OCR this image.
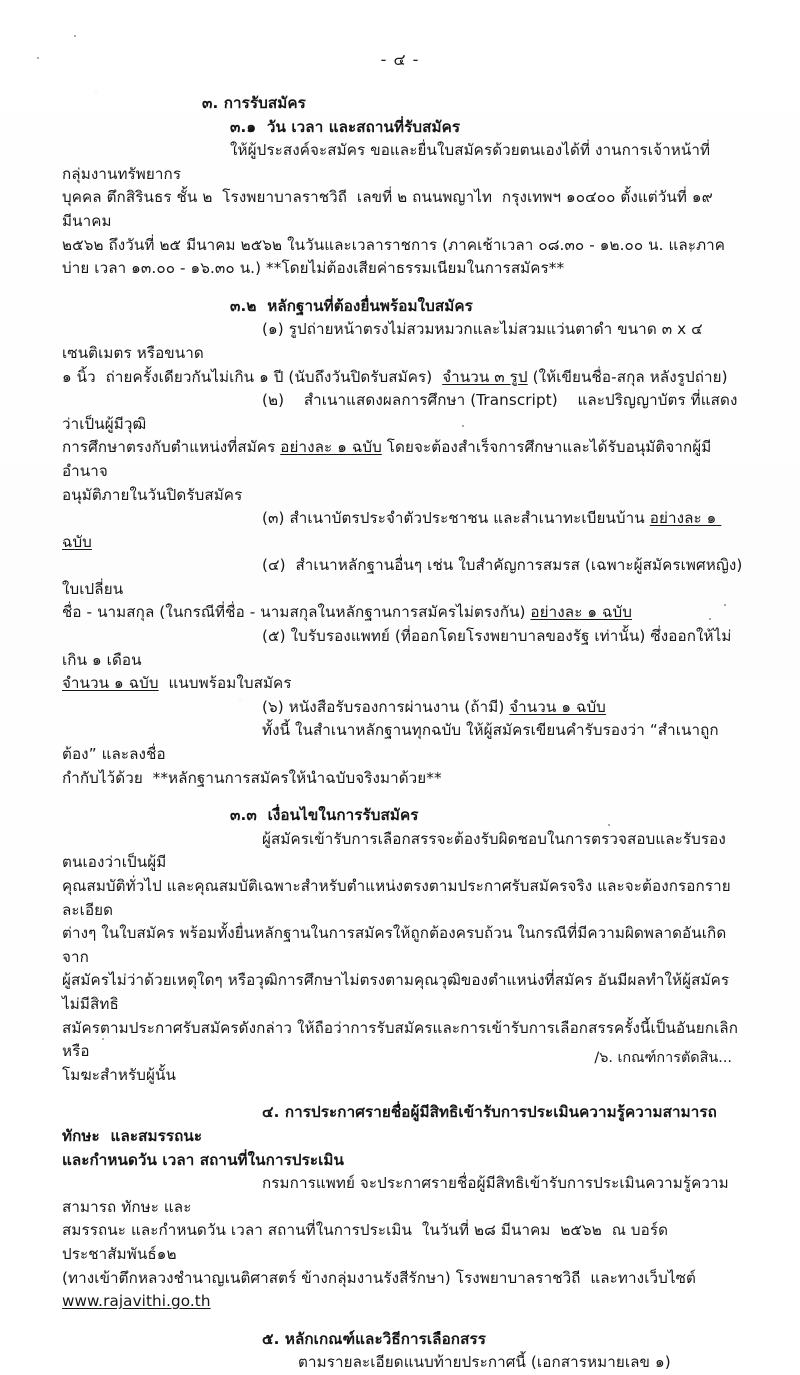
- ๔ -

๓. การรับสมัคร

๓.๑  วัน เวลา และสถานที่รับสมัคร

ให้ผู้ประสงค์จะสมัคร ขอและยื่นใบสมัครด้วยตนเองได้ที่ งานการเจ้าหน้าที่  กลุ่มงานทรัพยากร

บุคคล ตึกสิรินธร ชั้น ๒  โรงพยาบาลราชวิถี  เลขที่ ๒ ถนนพญาไท  กรุงเทพฯ ๑๐๔๐๐ ตั้งแต่วันที่ ๑๙ มีนาคม

๒๕๖๒ ถึงวันที่ ๒๕ มีนาคม ๒๕๖๒ ในวันและเวลาราชการ (ภาคเช้าเวลา ๐๘.๓๐ - ๑๒.๐๐ น. และภาค

บ่าย เวลา ๑๓.๐๐ - ๑๖.๓๐ น.) **โดยไม่ต้องเสียค่าธรรมเนียมในการสมัคร**

๓.๒  หลักฐานที่ต้องยื่นพร้อมใบสมัคร

(๑) รูปถ่ายหน้าตรงไม่สวมหมวกและไม่สวมแว่นตาดำ ขนาด ๓ x ๔ เซนติเมตร หรือขนาด

๑ นิ้ว  ถ่ายครั้งเดียวกันไม่เกิน ๑ ปี (นับถึงวันปิดรับสมัคร)  จำนวน ๓ รูป (ให้เขียนชื่อ-สกุล หลังรูปถ่าย)

(๒)    สำเนาแสดงผลการศึกษา (Transcript)    และปริญญาบัตร ที่แสดงว่าเป็นผู้มีวุฒิ

การศึกษาตรงกับตำแหน่งที่สมัคร อย่างละ ๑ ฉบับ โดยจะต้องสำเร็จการศึกษาและได้รับอนุมัติจากผู้มีอำนาจ

อนุมัติภายในวันปิดรับสมัคร

(๓) สำเนาบัตรประจำตัวประชาชน และสำเนาทะเบียนบ้าน อย่างละ ๑ ฉบับ

(๔)  สำเนาหลักฐานอื่นๆ เช่น ใบสำคัญการสมรส (เฉพาะผู้สมัครเพศหญิง)  ใบเปลี่ยน

ชื่อ - นามสกุล (ในกรณีที่ชื่อ - นามสกุลในหลักฐานการสมัครไม่ตรงกัน) อย่างละ ๑ ฉบับ

(๕) ใบรับรองแพทย์ (ที่ออกโดยโรงพยาบาลของรัฐ เท่านั้น) ซึ่งออกให้ไม่เกิน ๑ เดือน

จำนวน ๑ ฉบับ  แนบพร้อมใบสมัคร

(๖) หนังสือรับรองการผ่านงาน (ถ้ามี) จำนวน ๑ ฉบับ

ทั้งนี้ ในสำเนาหลักฐานทุกฉบับ ให้ผู้สมัครเขียนคำรับรองว่า “สำเนาถูกต้อง” และลงชื่อ

กำกับไว้ด้วย  **หลักฐานการสมัครให้นำฉบับจริงมาด้วย**

๓.๓  เงื่อนไขในการรับสมัคร

ผู้สมัครเข้ารับการเลือกสรรจะต้องรับผิดชอบในการตรวจสอบและรับรองตนเองว่าเป็นผู้มี

คุณสมบัติทั่วไป และคุณสมบัติเฉพาะสำหรับตำแหน่งตรงตามประกาศรับสมัครจริง และจะต้องกรอกรายละเอียด

ต่างๆ ในใบสมัคร พร้อมทั้งยื่นหลักฐานในการสมัครให้ถูกต้องครบถ้วน ในกรณีที่มีความผิดพลาดอันเกิดจาก

ผู้สมัครไม่ว่าด้วยเหตุใดๆ หรือวุฒิการศึกษาไม่ตรงตามคุณวุฒิของตำแหน่งที่สมัคร อันมีผลทำให้ผู้สมัครไม่มีสิทธิ

สมัครตามประกาศรับสมัครดังกล่าว ให้ถือว่าการรับสมัครและการเข้ารับการเลือกสรรครั้งนี้เป็นอันยกเลิกหรือ

โมฆะสำหรับผู้นั้น

๔. การประกาศรายชื่อผู้มีสิทธิเข้ารับการประเมินความรู้ความสามารถ ทักษะ  และสมรรถนะ

และกำหนดวัน เวลา สถานที่ในการประเมิน

กรมการแพทย์ จะประกาศรายชื่อผู้มีสิทธิเข้ารับการประเมินความรู้ความสามารถ ทักษะ และ

สมรรถนะ และกำหนดวัน เวลา สถานที่ในการประเมิน  ในวันที่ ๒๘ มีนาคม  ๒๕๖๒  ณ บอร์ดประชาสัมพันธ์๑๒

(ทางเข้าตึกหลวงชำนาญเนติศาสตร์ ข้างกลุ่มงานรังสีรักษา) โรงพยาบาลราชวิถี  และทางเว็บไซต์

www.rajavithi.go.th

๕. หลักเกณฑ์และวิธีการเลือกสรร

ตามรายละเอียดแนบท้ายประกาศนี้ (เอกสารหมายเลข ๑)

/๖. เกณฑ์การตัดสิน...
